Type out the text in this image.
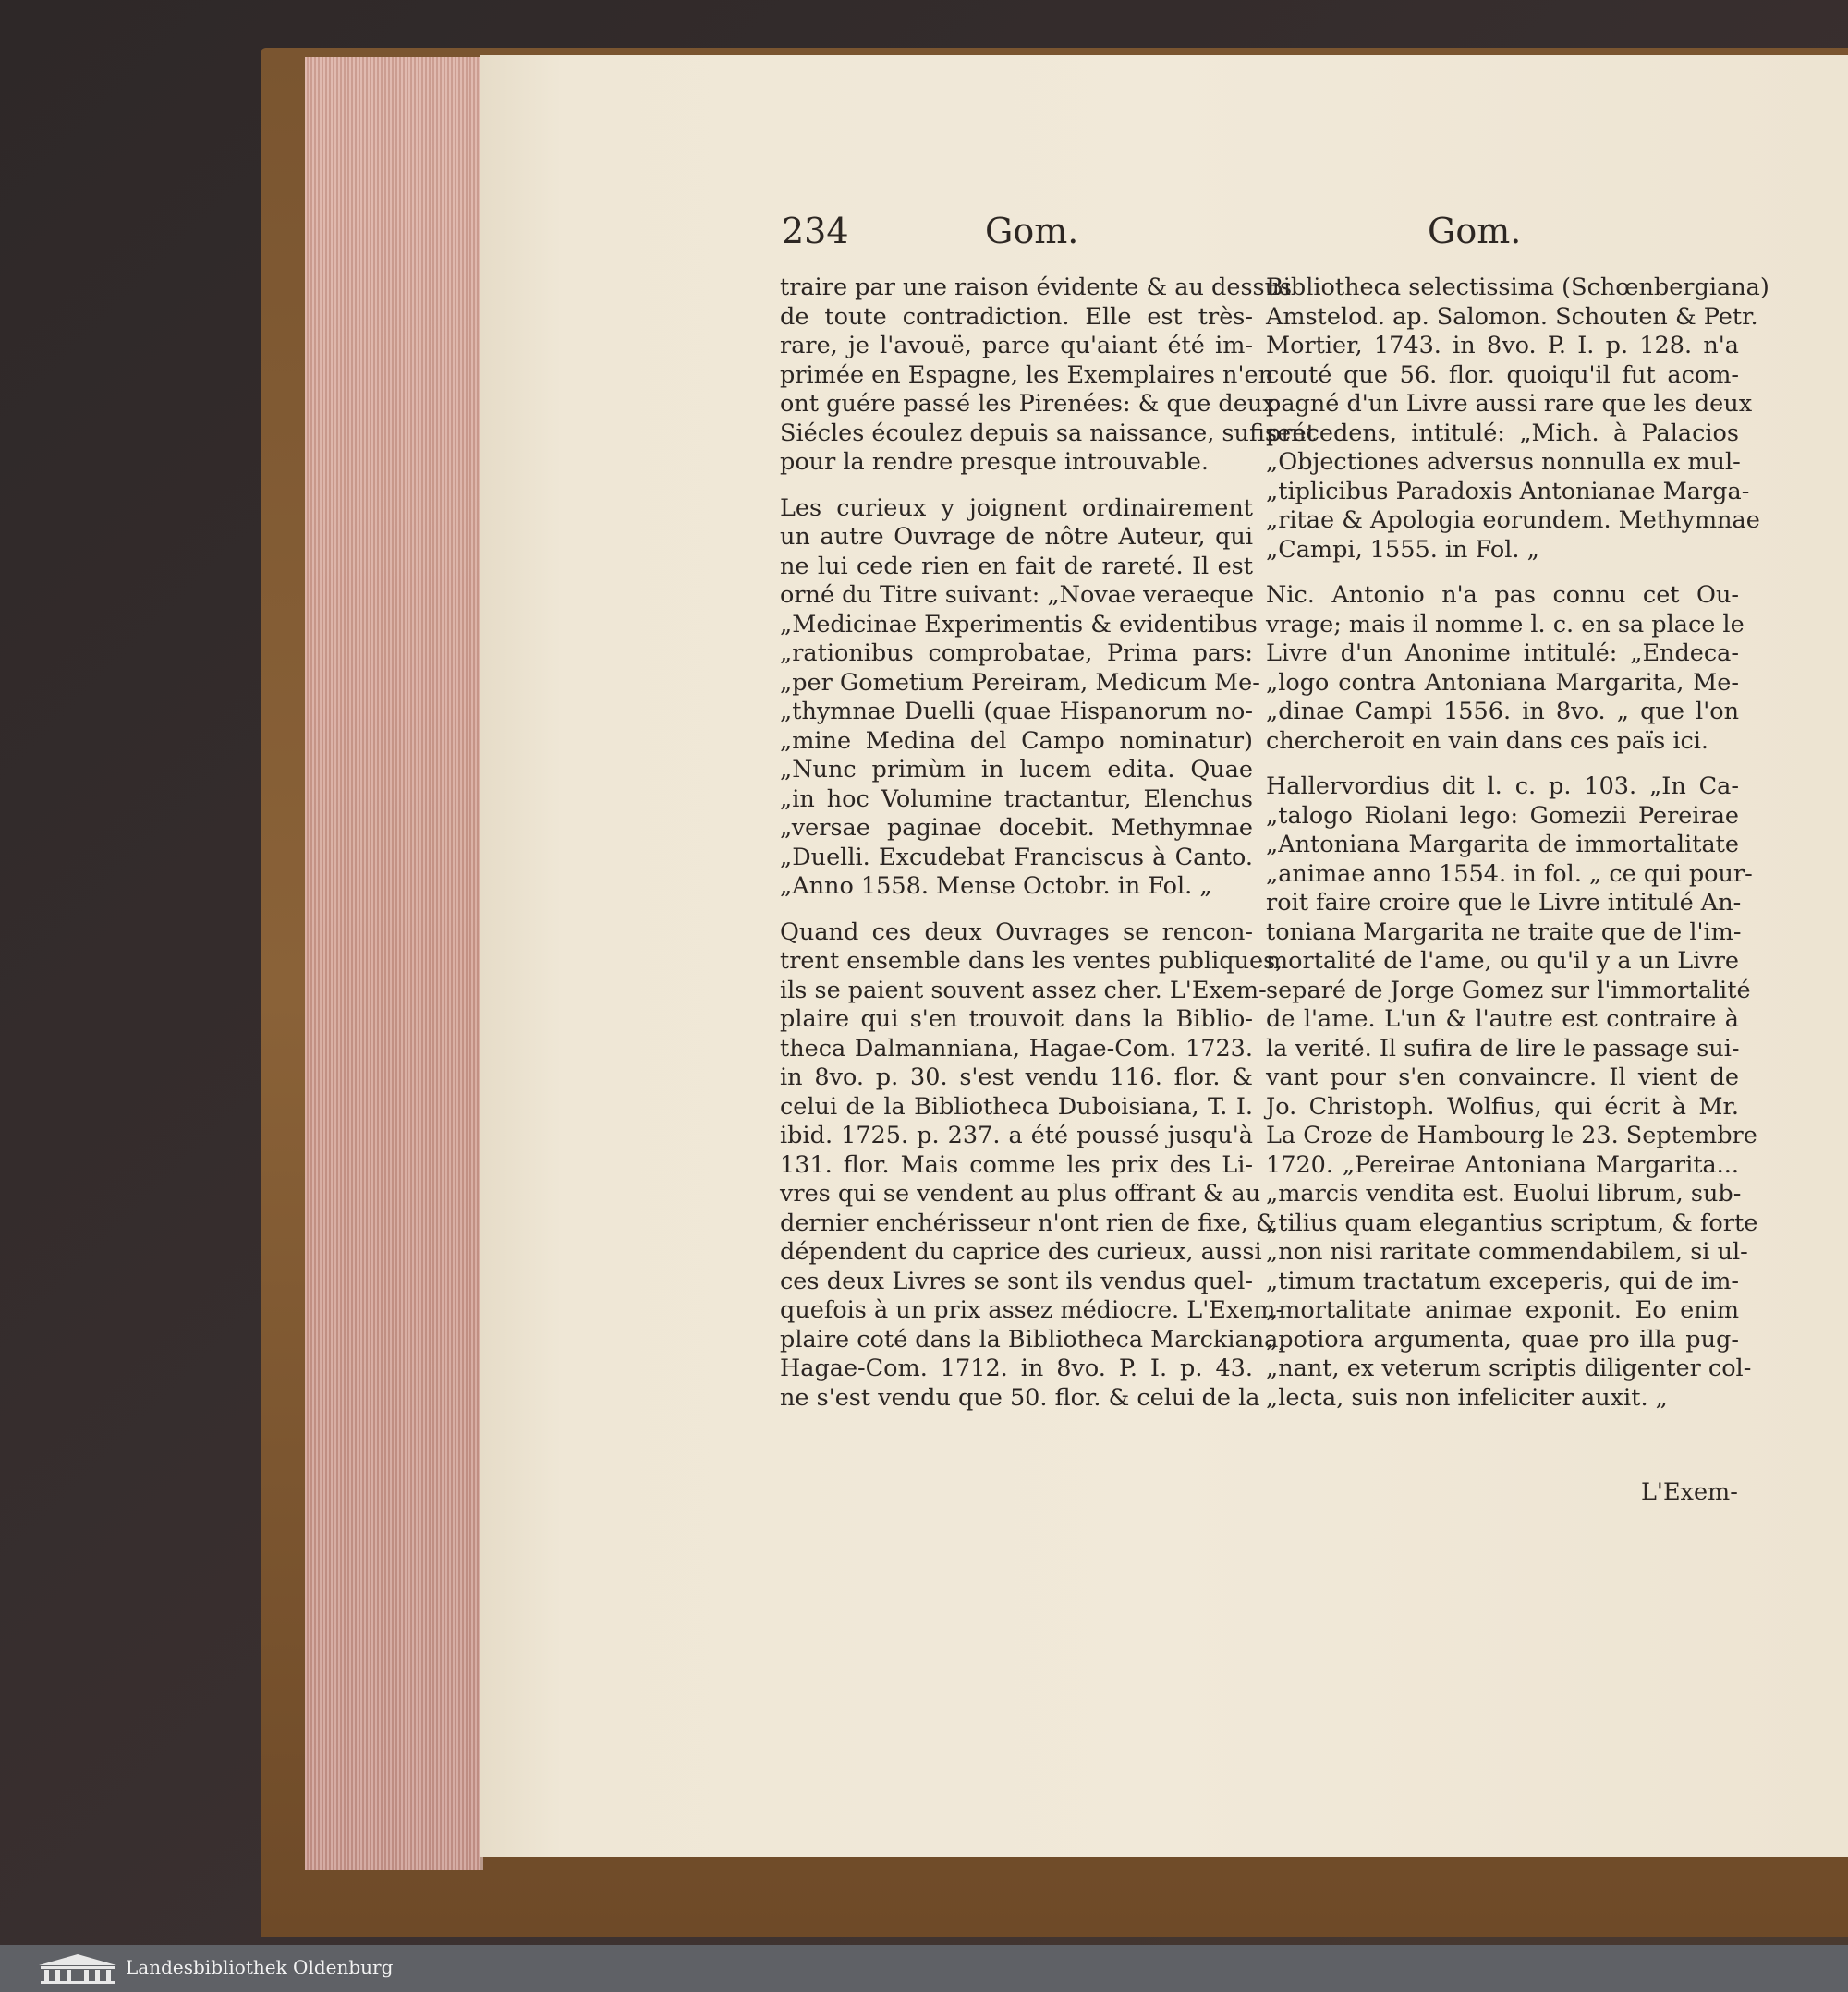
234	Gom.	Gom.

traire par une raison évidente & au dessus
de toute contradiction. Elle est très-
rare, je l'avouë, parce qu'aiant été im-
primée en Espagne, les Exemplaires n'en
ont guére passé les Pirenées: & que deux
Siécles écoulez depuis sa naissance, sufisent
pour la rendre presque introuvable.

Les curieux y joignent ordinairement
un autre Ouvrage de nôtre Auteur, qui
ne lui cede rien en fait de rareté. Il est
orné du Titre suivant: „Novae veraeque
„Medicinae Experimentis & evidentibus
„rationibus comprobatae, Prima pars:
„per Gometium Pereiram, Medicum Me-
„thymnae Duelli (quae Hispanorum no-
„mine Medina del Campo nominatur)
„Nunc primùm in lucem edita. Quae
„in hoc Volumine tractantur, Elenchus
„versae paginae docebit. Methymnae
„Duelli. Excudebat Franciscus à Canto.
„Anno 1558. Mense Octobr. in Fol. „

Quand ces deux Ouvrages se rencon-
trent ensemble dans les ventes publiques,
ils se paient souvent assez cher. L'Exem-
plaire qui s'en trouvoit dans la Biblio-
theca Dalmanniana, Hagae-Com. 1723.
in 8vo. p. 30. s'est vendu 116. flor. &
celui de la Bibliotheca Duboisiana, T. I.
ibid. 1725. p. 237. a été poussé jusqu'à
131. flor. Mais comme les prix des Li-
vres qui se vendent au plus offrant & au
dernier enchérisseur n'ont rien de fixe, &
dépendent du caprice des curieux, aussi
ces deux Livres se sont ils vendus quel-
quefois à un prix assez médiocre. L'Exem-
plaire coté dans la Bibliotheca Marckiana,
Hagae-Com. 1712. in 8vo. P. I. p. 43.
ne s'est vendu que 50. flor. & celui de la

Bibliotheca selectissima (Schœnbergiana)
Amstelod. ap. Salomon. Schouten & Petr.
Mortier, 1743. in 8vo. P. I. p. 128. n'a
couté que 56. flor. quoiqu'il fut acom-
pagné d'un Livre aussi rare que les deux
précedens, intitulé: „Mich. à Palacios
„Objectiones adversus nonnulla ex mul-
„tiplicibus Paradoxis Antonianae Marga-
„ritae & Apologia eorundem. Methymnae
„Campi, 1555. in Fol. „

Nic. Antonio n'a pas connu cet Ou-
vrage; mais il nomme l. c. en sa place le
Livre d'un Anonime intitulé: „Endeca-
„logo contra Antoniana Margarita, Me-
„dinae Campi 1556. in 8vo. „ que l'on
chercheroit en vain dans ces païs ici.

Hallervordius dit l. c. p. 103. „In Ca-
„talogo Riolani lego: Gomezii Pereirae
„Antoniana Margarita de immortalitate
„animae anno 1554. in fol. „ ce qui pour-
roit faire croire que le Livre intitulé An-
toniana Margarita ne traite que de l'im-
mortalité de l'ame, ou qu'il y a un Livre
separé de Jorge Gomez sur l'immortalité
de l'ame. L'un & l'autre est contraire à
la verité. Il sufira de lire le passage sui-
vant pour s'en convaincre. Il vient de
Jo. Christoph. Wolfius, qui écrit à Mr.
La Croze de Hambourg le 23. Septembre
1720. „Pereirae Antoniana Margarita...
„marcis vendita est. Euolui librum, sub-
„tilius quam elegantius scriptum, & forte
„non nisi raritate commendabilem, si ul-
„timum tractatum exceperis, qui de im-
„mortalitate animae exponit. Eo enim
„potiora argumenta, quae pro illa pug-
„nant, ex veterum scriptis diligenter col-
„lecta, suis non infeliciter auxit. „

L'Exem-
Landesbibliothek Oldenburg
